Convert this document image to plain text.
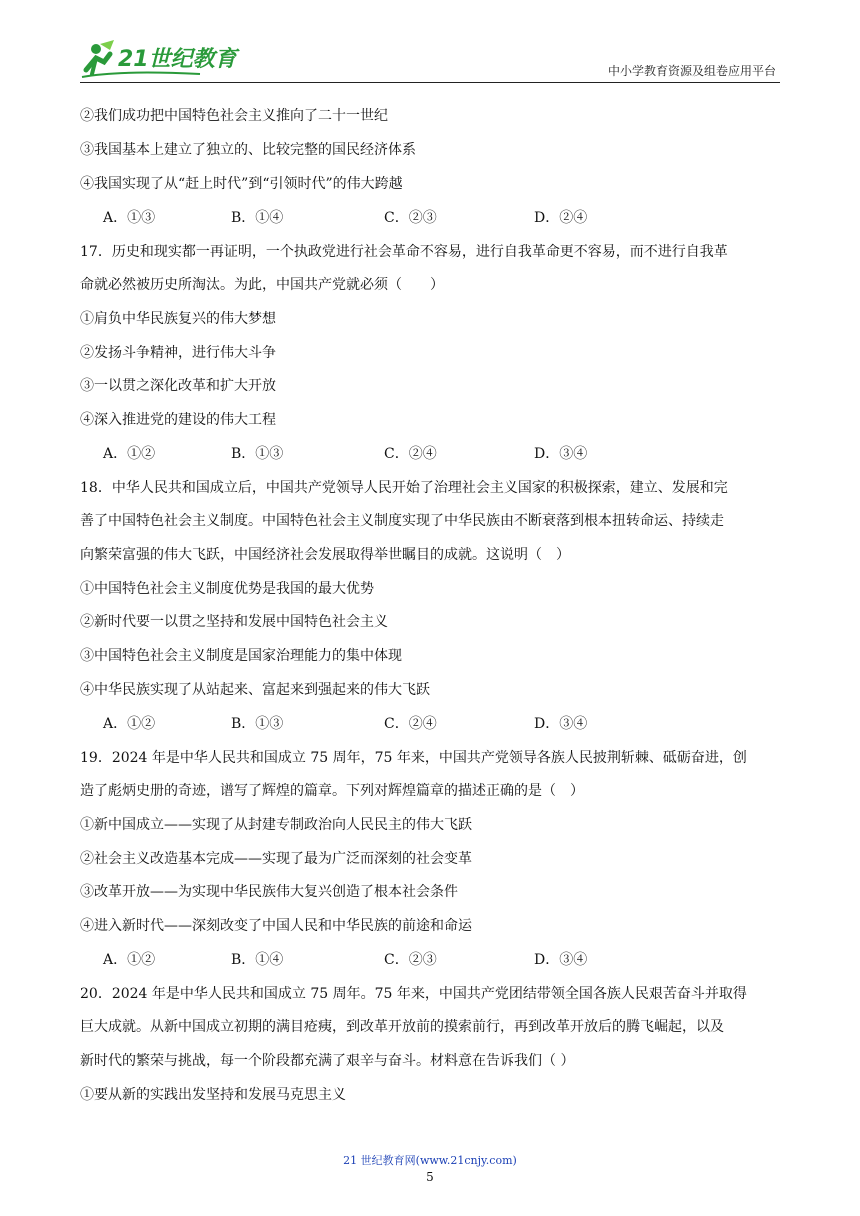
21世纪教育	中小学教育资源及组卷应用平台
②我们成功把中国特色社会主义推向了二十一世纪
③我国基本上建立了独立的、比较完整的国民经济体系
④我国实现了从“赶上时代”到“引领时代”的伟大跨越
A．①③	B．①④	C．②③	D．②④
17．历史和现实都一再证明，一个执政党进行社会革命不容易，进行自我革命更不容易，而不进行自我革
命就必然被历史所淘汰。为此，中国共产党就必须（　　）
①肩负中华民族复兴的伟大梦想
②发扬斗争精神，进行伟大斗争
③一以贯之深化改革和扩大开放
④深入推进党的建设的伟大工程
A．①②	B．①③	C．②④	D．③④
18．中华人民共和国成立后，中国共产党领导人民开始了治理社会主义国家的积极探索，建立、发展和完
善了中国特色社会主义制度。中国特色社会主义制度实现了中华民族由不断衰落到根本扭转命运、持续走
向繁荣富强的伟大飞跃，中国经济社会发展取得举世瞩目的成就。这说明（　）
①中国特色社会主义制度优势是我国的最大优势
②新时代要一以贯之坚持和发展中国特色社会主义
③中国特色社会主义制度是国家治理能力的集中体现
④中华民族实现了从站起来、富起来到强起来的伟大飞跃
A．①②	B．①③	C．②④	D．③④
19．2024 年是中华人民共和国成立 75 周年，75 年来，中国共产党领导各族人民披荆斩棘、砥砺奋进，创
造了彪炳史册的奇迹，谱写了辉煌的篇章。下列对辉煌篇章的描述正确的是（　）
①新中国成立——实现了从封建专制政治向人民民主的伟大飞跃
②社会主义改造基本完成——实现了最为广泛而深刻的社会变革
③改革开放——为实现中华民族伟大复兴创造了根本社会条件
④进入新时代——深刻改变了中国人民和中华民族的前途和命运
A．①②	B．①④	C．②③	D．③④
20．2024 年是中华人民共和国成立 75 周年。75 年来，中国共产党团结带领全国各族人民艰苦奋斗并取得
巨大成就。从新中国成立初期的满目疮痍，到改革开放前的摸索前行，再到改革开放后的腾飞崛起，以及
新时代的繁荣与挑战，每一个阶段都充满了艰辛与奋斗。材料意在告诉我们（ ）
①要从新的实践出发坚持和发展马克思主义
21 世纪教育网(www.21cnjy.com)
5
